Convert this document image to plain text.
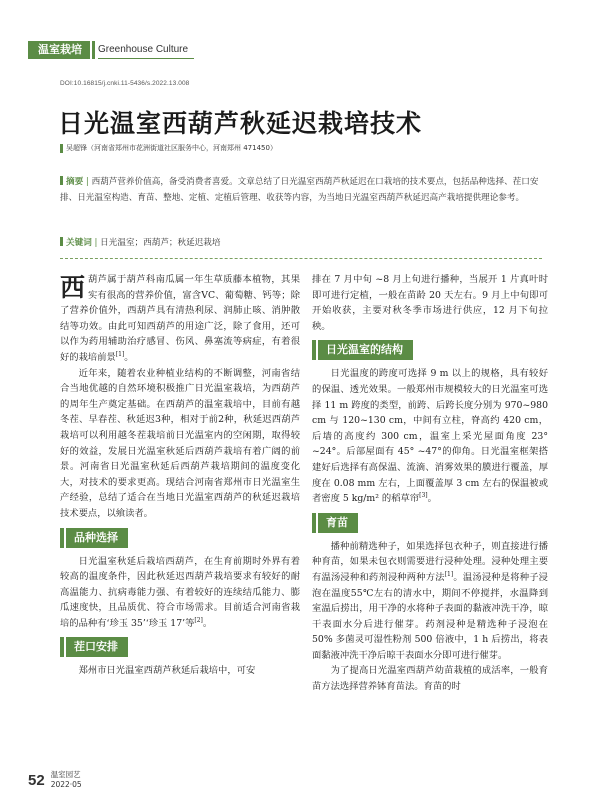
温室栽培	Greenhouse Culture
DOI:10.16815/j.cnki.11-5436/s.2022.13.008
日光温室西葫芦秋延迟栽培技术
吴超锋（河南省郑州市花洲街道社区服务中心，河南郑州 471450）
摘要 | 西葫芦营养价值高，备受消费者喜爱。文章总结了日光温室西葫芦秋延迟在口栽培的技术要点，包括品种选择、茬口安排、日光温室构造、育苗、整地、定植、定植后管理、收获等内容，为当地日光温室西葫芦秋延迟高产栽培提供理论参考。
关键词 | 日光温室；西葫芦；秋延迟栽培

西葫芦属于葫芦科南瓜属一年生草质藤本植物，其果实有很高的营养价值，富含VC、葡萄糖、钙等；除了营养价值外，西葫芦具有清热利尿、润肺止咳、消肿散结等功效。由此可知西葫芦的用途广泛，除了食用，还可以作为药用辅助治疗感冒、伤风、鼻塞流等病症，有着很好的栽培前景[1]。

近年来，随着农业种植业结构的不断调整，河南省结合当地优越的自然环境积极推广日光温室栽培，为西葫芦的周年生产奠定基础。在西葫芦的温室栽培中，目前有越冬茬、早春茬、秋延迟3种，相对于前2种，秋延迟西葫芦栽培可以利用越冬茬栽培前日光温室内的空闲期，取得较好的效益，发展日光温室秋延后西葫芦栽培有着广阔的前景。河南省日光温室秋延后西葫芦栽培期间的温度变化大，对技术的要求更高。现结合河南省郑州市日光温室生产经验，总结了适合在当地日光温室西葫芦的秋延迟栽培技术要点，以飨读者。

品种选择

日光温室秋延后栽培西葫芦，在生育前期时外界有着较高的温度条件，因此秋延迟西葫芦栽培要求有较好的耐高温能力、抗病毒能力强、有着较好的连续结瓜能力、膨瓜速度快，且品质优、符合市场需求。目前适合河南省栽培的品种有‘珍玉 35’‘珍玉 17’等[2]。

茬口安排

郑州市日光温室西葫芦秋延后栽培中，可安

排在 7 月中旬 ~8 月上旬进行播种，当展开 1 片真叶时即可进行定植，一般在苗龄 20 天左右。9 月上中旬即可开始收获，主要对秋冬季市场进行供应，12 月下旬拉秧。

日光温室的结构

日光温度的跨度可选择 9 m 以上的规格，具有较好的保温、透光效果。一般郑州市规模较大的日光温室可选择 11 m 跨度的类型，前跨、后跨长度分别为 970~980 cm 与 120~130 cm，中间有立柱，脊高约 420 cm，后墙的高度约 300 cm，温室上采光屋面角度 23° ~24°。后部屋面有 45° ~47°的仰角。日光温室框架搭建好后选择有高保温、流滴、消雾效果的膜进行覆盖，厚度在 0.08 mm 左右，上面覆盖厚 3 cm 左右的保温被或者密度 5 kg/m² 的稻草帘[3]。

育苗

播种前精选种子，如果选择包衣种子，则直接进行播种育苗，如果未包衣则需要进行浸种处理。浸种处理主要有温汤浸种和药剂浸种两种方法[1]。温汤浸种是将种子浸泡在温度55℃左右的清水中，期间不停搅拌，水温降到室温后捞出，用干净的水将种子表面的黏液冲洗干净，晾干表面水分后进行催芽。药剂浸种是精选种子浸泡在 50% 多菌灵可湿性粉剂 500 倍液中，1 h 后捞出，将表面黏液冲洗干净后晾干表面水分即可进行催芽。

为了提高日光温室西葫芦幼苗栽植的成活率，一般育苗方法选择营养钵育苗法。育苗的时

52 温室园艺
2022·05
